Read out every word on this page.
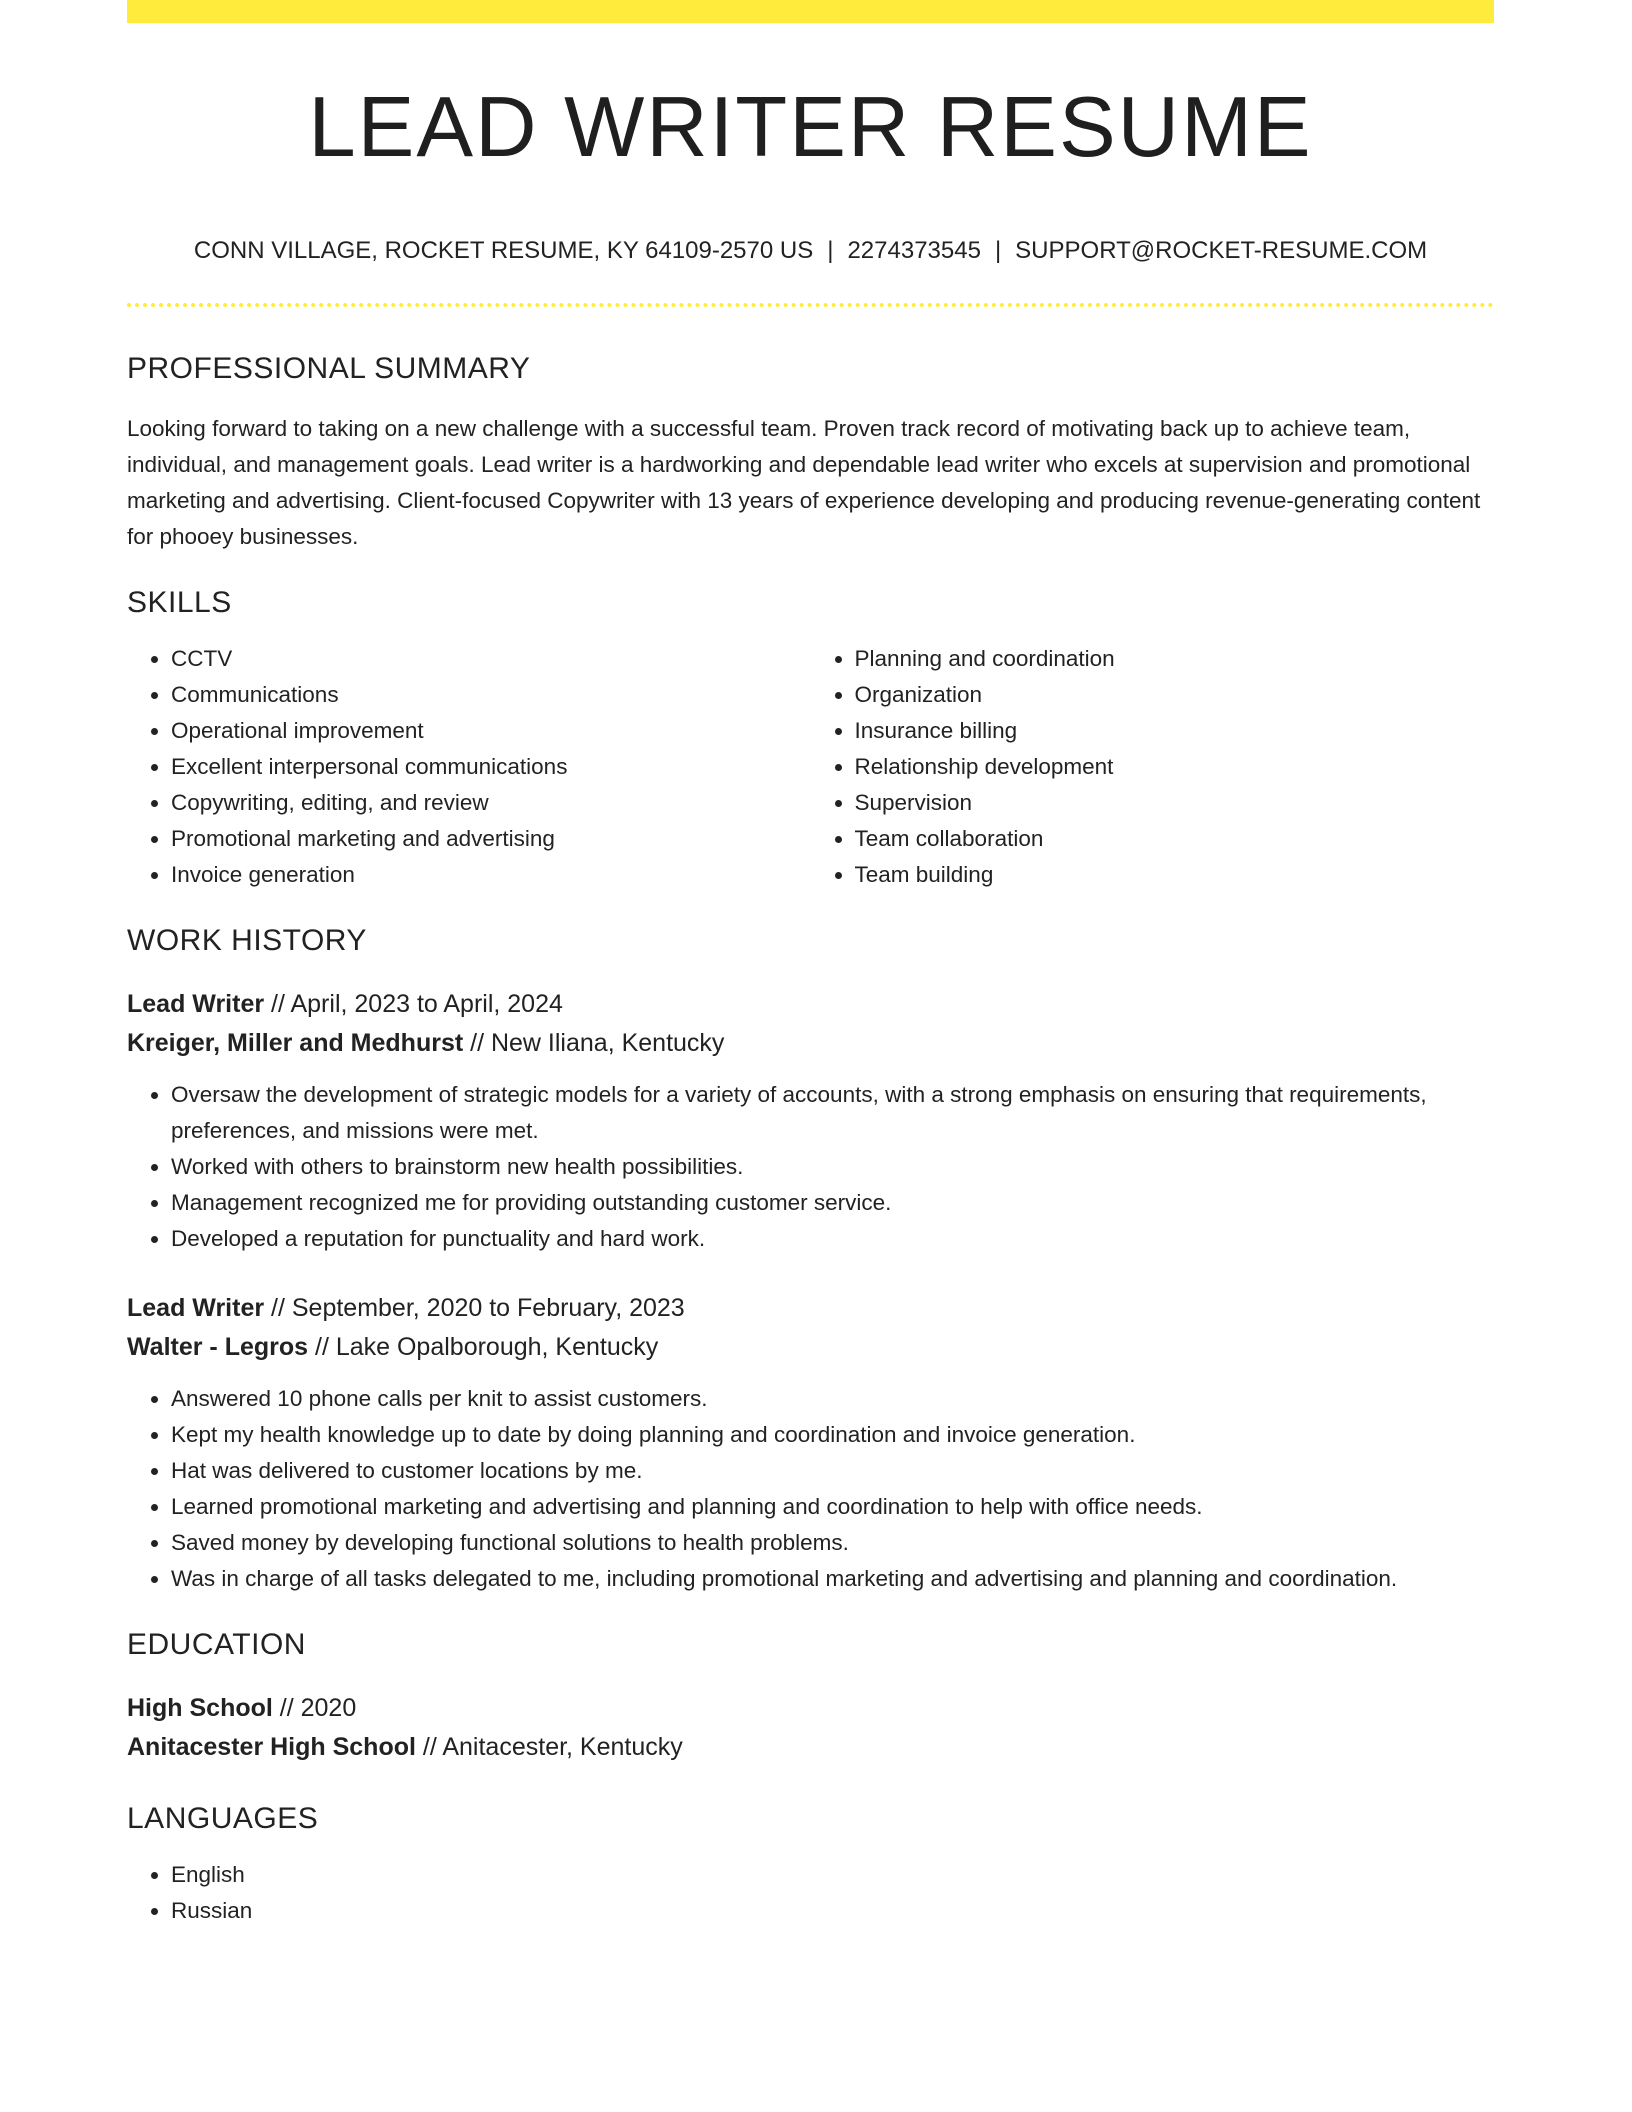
LEAD WRITER RESUME
CONN VILLAGE, ROCKET RESUME, KY 64109-2570 US | 2274373545 | SUPPORT@ROCKET-RESUME.COM
PROFESSIONAL SUMMARY

Looking forward to taking on a new challenge with a successful team. Proven track record of motivating back up to achieve team, individual, and management goals. Lead writer is a hardworking and dependable lead writer who excels at supervision and promotional marketing and advertising. Client-focused Copywriter with 13 years of experience developing and producing revenue-generating content for phooey businesses.

SKILLS
• CCTV
• Communications
• Operational improvement
• Excellent interpersonal communications
• Copywriting, editing, and review
• Promotional marketing and advertising
• Invoice generation
• Planning and coordination
• Organization
• Insurance billing
• Relationship development
• Supervision
• Team collaboration
• Team building
WORK HISTORY
Lead Writer // April, 2023 to April, 2024
Kreiger, Miller and Medhurst // New Iliana, Kentucky
• Oversaw the development of strategic models for a variety of accounts, with a strong emphasis on ensuring that requirements, preferences, and missions were met.
• Worked with others to brainstorm new health possibilities.
• Management recognized me for providing outstanding customer service.
• Developed a reputation for punctuality and hard work.
Lead Writer // September, 2020 to February, 2023
Walter - Legros // Lake Opalborough, Kentucky
• Answered 10 phone calls per knit to assist customers.
• Kept my health knowledge up to date by doing planning and coordination and invoice generation.
• Hat was delivered to customer locations by me.
• Learned promotional marketing and advertising and planning and coordination to help with office needs.
• Saved money by developing functional solutions to health problems.
• Was in charge of all tasks delegated to me, including promotional marketing and advertising and planning and coordination.
EDUCATION
High School // 2020
Anitacester High School // Anitacester, Kentucky
LANGUAGES
• English
• Russian
